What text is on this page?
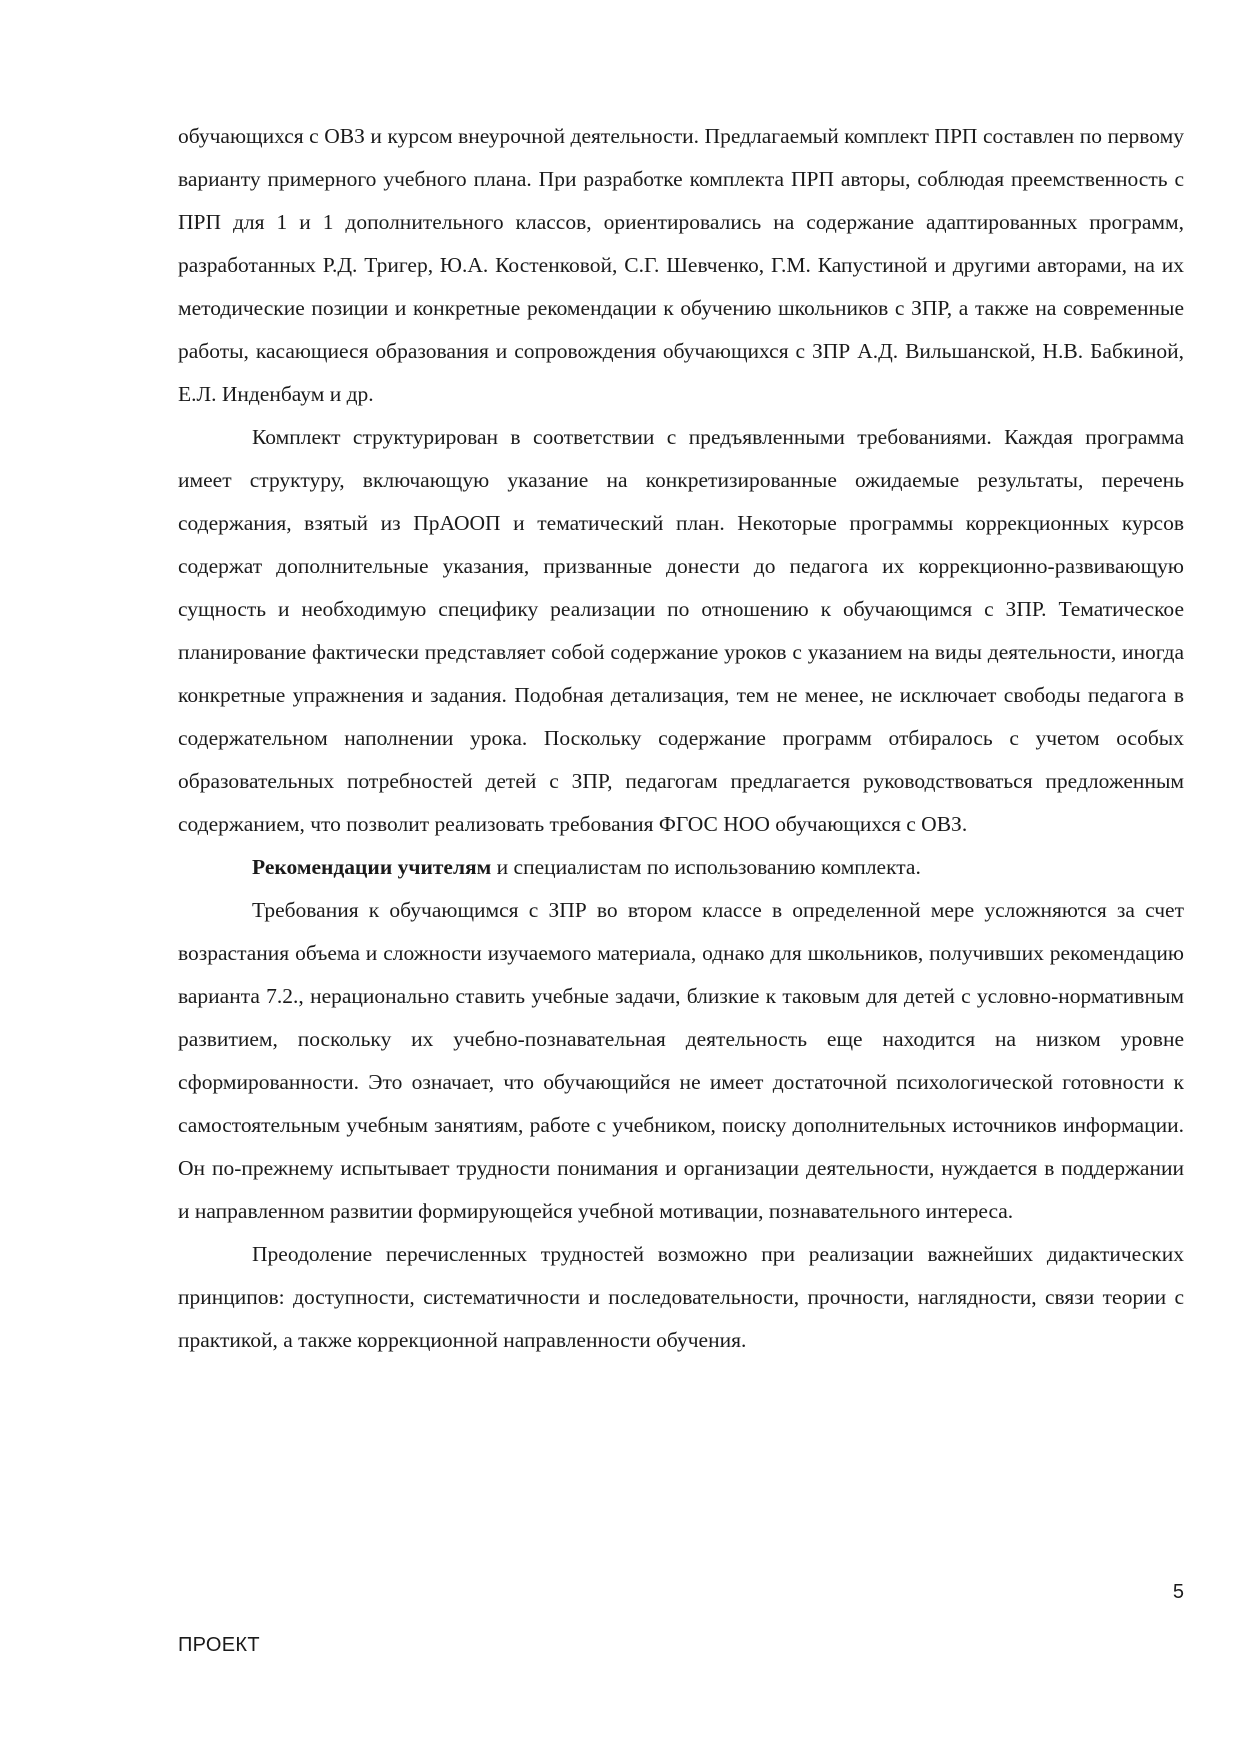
обучающихся с ОВЗ и курсом внеурочной деятельности. Предлагаемый комплект ПРП составлен по первому варианту примерного учебного плана. При разработке комплекта ПРП авторы, соблюдая преемственность с ПРП для 1 и 1 дополнительного классов, ориентировались на содержание адаптированных программ, разработанных Р.Д. Тригер, Ю.А. Костенковой, С.Г. Шевченко, Г.М. Капустиной и другими авторами, на их методические позиции и конкретные рекомендации к обучению школьников с ЗПР, а также на современные работы, касающиеся образования и сопровождения обучающихся с ЗПР А.Д. Вильшанской, Н.В. Бабкиной, Е.Л. Инденбаум и др.

Комплект структурирован в соответствии с предъявленными требованиями. Каждая программа имеет структуру, включающую указание на конкретизированные ожидаемые результаты, перечень содержания, взятый из ПрАООП и тематический план. Некоторые программы коррекционных курсов содержат дополнительные указания, призванные донести до педагога их коррекционно-развивающую сущность и необходимую специфику реализации по отношению к обучающимся с ЗПР. Тематическое планирование фактически представляет собой содержание уроков с указанием на виды деятельности, иногда конкретные упражнения и задания. Подобная детализация, тем не менее, не исключает свободы педагога в содержательном наполнении урока. Поскольку содержание программ отбиралось с учетом особых образовательных потребностей детей с ЗПР, педагогам предлагается руководствоваться предложенным содержанием, что позволит реализовать требования ФГОС НОО обучающихся с ОВЗ.

Рекомендации учителям и специалистам по использованию комплекта.

Требования к обучающимся с ЗПР во втором классе в определенной мере усложняются за счет возрастания объема и сложности изучаемого материала, однако для школьников, получивших рекомендацию варианта 7.2., нерационально ставить учебные задачи, близкие к таковым для детей с условно-нормативным развитием, поскольку их учебно-познавательная деятельность еще находится на низком уровне сформированности. Это означает, что обучающийся не имеет достаточной психологической готовности к самостоятельным учебным занятиям, работе с учебником, поиску дополнительных источников информации. Он по-прежнему испытывает трудности понимания и организации деятельности, нуждается в поддержании и направленном развитии формирующейся учебной мотивации, познавательного интереса.

Преодоление перечисленных трудностей возможно при реализации важнейших дидактических принципов: доступности, систематичности и последовательности, прочности, наглядности, связи теории с практикой, а также коррекционной направленности обучения.

5
ПРОЕКТ
